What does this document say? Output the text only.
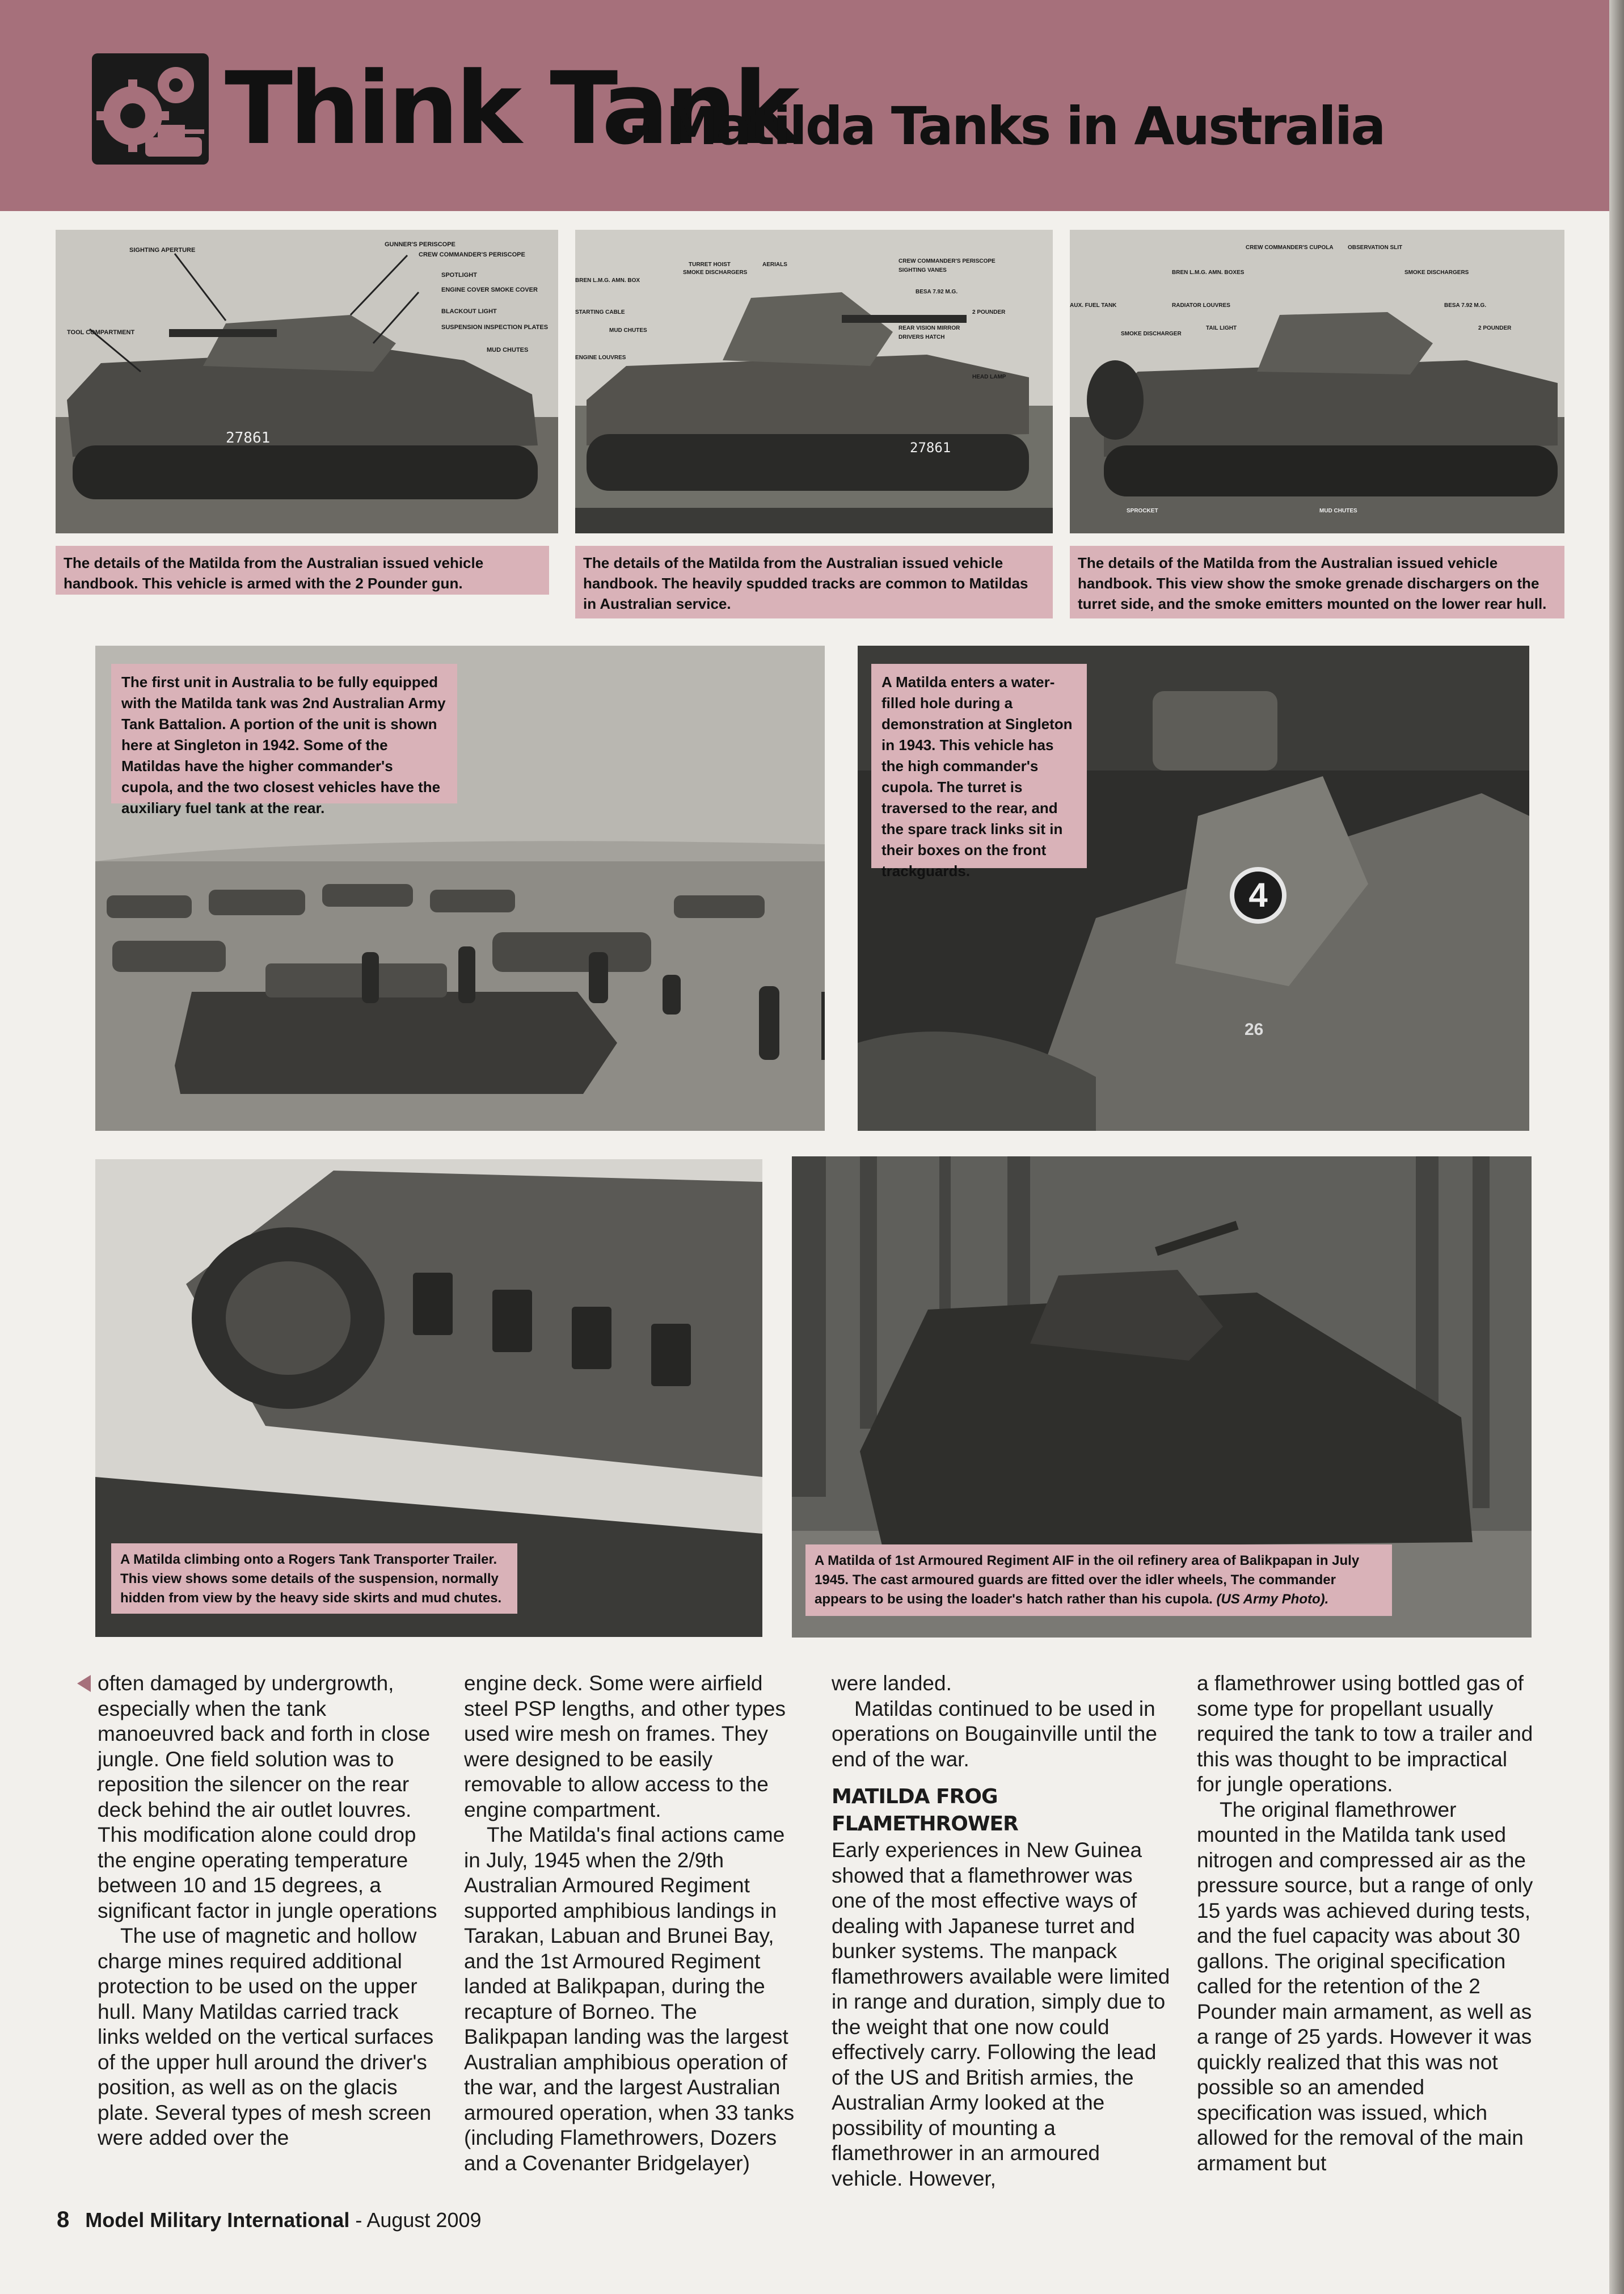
Think Tank
- Matilda Tanks in Australia
27861
SIGHTING APERTURE
GUNNER'S PERISCOPE
CREW COMMANDER'S PERISCOPE
SPOTLIGHT
ENGINE COVER SMOKE COVER
BLACKOUT LIGHT
TOOL COMPARTMENT
SUSPENSION INSPECTION PLATES
MUD CHUTES
The details of the Matilda from the Australian issued vehicle handbook. This vehicle is armed with the 2 Pounder gun.
27861
TURRET HOIST
SMOKE DISCHARGERS
AERIALS
CREW COMMANDER'S PERISCOPE
SIGHTING VANES
BREN L.M.G. AMN. BOX
BESA 7.92 M.G.
STARTING CABLE	2 POUNDER
MUD CHUTES	REAR VISION MIRROR
DRIVERS HATCH
ENGINE LOUVRES
HEAD LAMP
The details of the Matilda from the Australian issued vehicle handbook. The heavily spudded tracks are common to Matildas in Australian service.
CREW COMMANDER'S CUPOLA	OBSERVATION SLIT
BREN L.M.G. AMN. BOXES	SMOKE DISCHARGERS
AUX. FUEL TANK	RADIATOR LOUVRES	BESA 7.92 M.G.
TAIL LIGHT
SMOKE DISCHARGER
2 POUNDER
SPROCKET	MUD CHUTES
The details of the Matilda from the Australian issued vehicle handbook. This view show the smoke grenade dischargers on the turret side, and the smoke emitters mounted on the lower rear hull.
The first unit in Australia to be fully equipped with the Matilda tank was 2nd Australian Army Tank Battalion. A portion of the unit is shown here at Singleton in 1942. Some of the Matildas have the higher commander's cupola, and the two closest vehicles have the auxiliary fuel tank at the rear.
4
26
A Matilda enters a water-filled hole during a demonstration at Singleton in 1943. This vehicle has the high commander's cupola. The turret is traversed to the rear, and the spare track links sit in their boxes on the front trackguards.
A Matilda climbing onto a Rogers Tank Transporter Trailer. This view shows some details of the suspension, normally hidden from view by the heavy side skirts and mud chutes.
A Matilda of 1st Armoured Regiment AIF in the oil refinery area of Balikpapan in July 1945. The cast armoured guards are fitted over the idler wheels, The commander appears to be using the loader's hatch rather than his cupola. (US Army Photo).

often damaged by undergrowth, especially when the tank manoeuvred back and forth in close jungle. One field solution was to reposition the silencer on the rear deck behind the air outlet louvres. This modification alone could drop the engine operating temperature between 10 and 15 degrees, a significant factor in jungle operations

The use of magnetic and hollow charge mines required additional protection to be used on the upper hull. Many Matildas carried track links welded on the vertical surfaces of the upper hull around the driver's position, as well as on the glacis plate. Several types of mesh screen were added over the

engine deck. Some were airfield steel PSP lengths, and other types used wire mesh on frames. They were designed to be easily removable to allow access to the engine compartment.

The Matilda's final actions came in July, 1945 when the 2/9th Australian Armoured Regiment supported amphibious landings in Tarakan, Labuan and Brunei Bay, and the 1st Armoured Regiment landed at Balikpapan, during the recapture of Borneo. The Balikpapan landing was the largest Australian amphibious operation of the war, and the largest Australian armoured operation, when 33 tanks (including Flamethrowers, Dozers and a Covenanter Bridgelayer)

were landed.

Matildas continued to be used in operations on Bougainville until the end of the war.

MATILDA FROG FLAMETHROWER

Early experiences in New Guinea showed that a flamethrower was one of the most effective ways of dealing with Japanese turret and bunker systems. The manpack flamethrowers available were limited in range and duration, simply due to the weight that one now could effectively carry. Following the lead of the US and British armies, the Australian Army looked at the possibility of mounting a flamethrower in an armoured vehicle. However,

a flamethrower using bottled gas of some type for propellant usually required the tank to tow a trailer and this was thought to be impractical for jungle operations.

The original flamethrower mounted in the Matilda tank used nitrogen and compressed air as the pressure source, but a range of only 15 yards was achieved during tests, and the fuel capacity was about 30 gallons. The original specification called for the retention of the 2 Pounder main armament, as well as a range of 25 yards. However it was quickly realized that this was not possible so an amended specification was issued, which allowed for the removal of the main armament but

8 Model Military International - August 2009
